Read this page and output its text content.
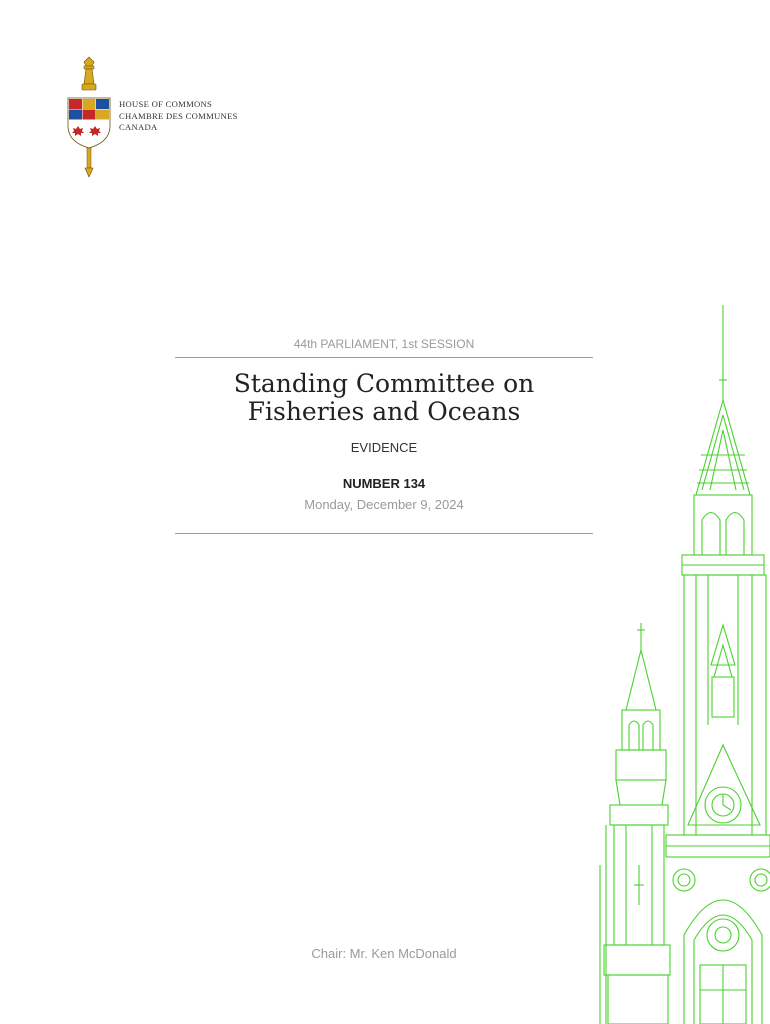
HOUSE OF COMMONS
CHAMBRE DES COMMUNES
CANADA
44th PARLIAMENT, 1st SESSION
Standing Committee on
Fisheries and Oceans
EVIDENCE
NUMBER 134
Monday, December 9, 2024
Chair: Mr. Ken McDonald
